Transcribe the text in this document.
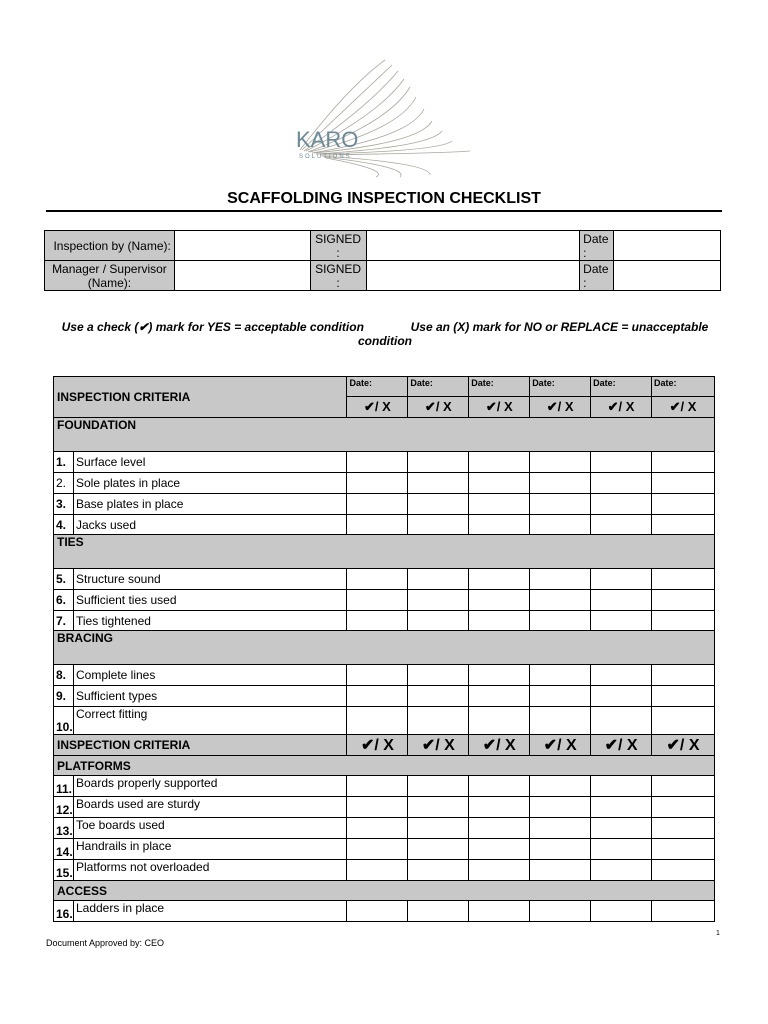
KARO
SOLUTIONS
SCAFFOLDING INSPECTION CHECKLIST
Inspection by (Name):		SIGNED :		Date :	
Manager / Supervisor (Name):		SIGNED :		Date :	
Use a check (✔) mark for YES = acceptable condition	Use an (X) mark for NO or REPLACE = unacceptable condition
INSPECTION CRITERIA		Date:	Date:	Date:	Date:	Date:	Date:
		✔/ X	✔/ X	✔/ X	✔/ X	✔/ X	✔/ X
FOUNDATION							
1.	Surface level						
2.	Sole plates in place						
3.	Base plates in place						
4.	Jacks used						
TIES							
5.	Structure sound						
6.	Sufficient ties used						
7.	Ties tightened						
BRACING							
8.	Complete lines						
9.	Sufficient types						
10.	Correct fitting						
INSPECTION CRITERIA		✔/ X	✔/ X	✔/ X	✔/ X	✔/ X	✔/ X
PLATFORMS							
11.	Boards properly supported						
12.	Boards used are sturdy						
13.	Toe boards used						
14.	Handrails in place						
15.	Platforms not overloaded						
ACCESS							
16.	Ladders in place						
1
Document Approved by: CEO
